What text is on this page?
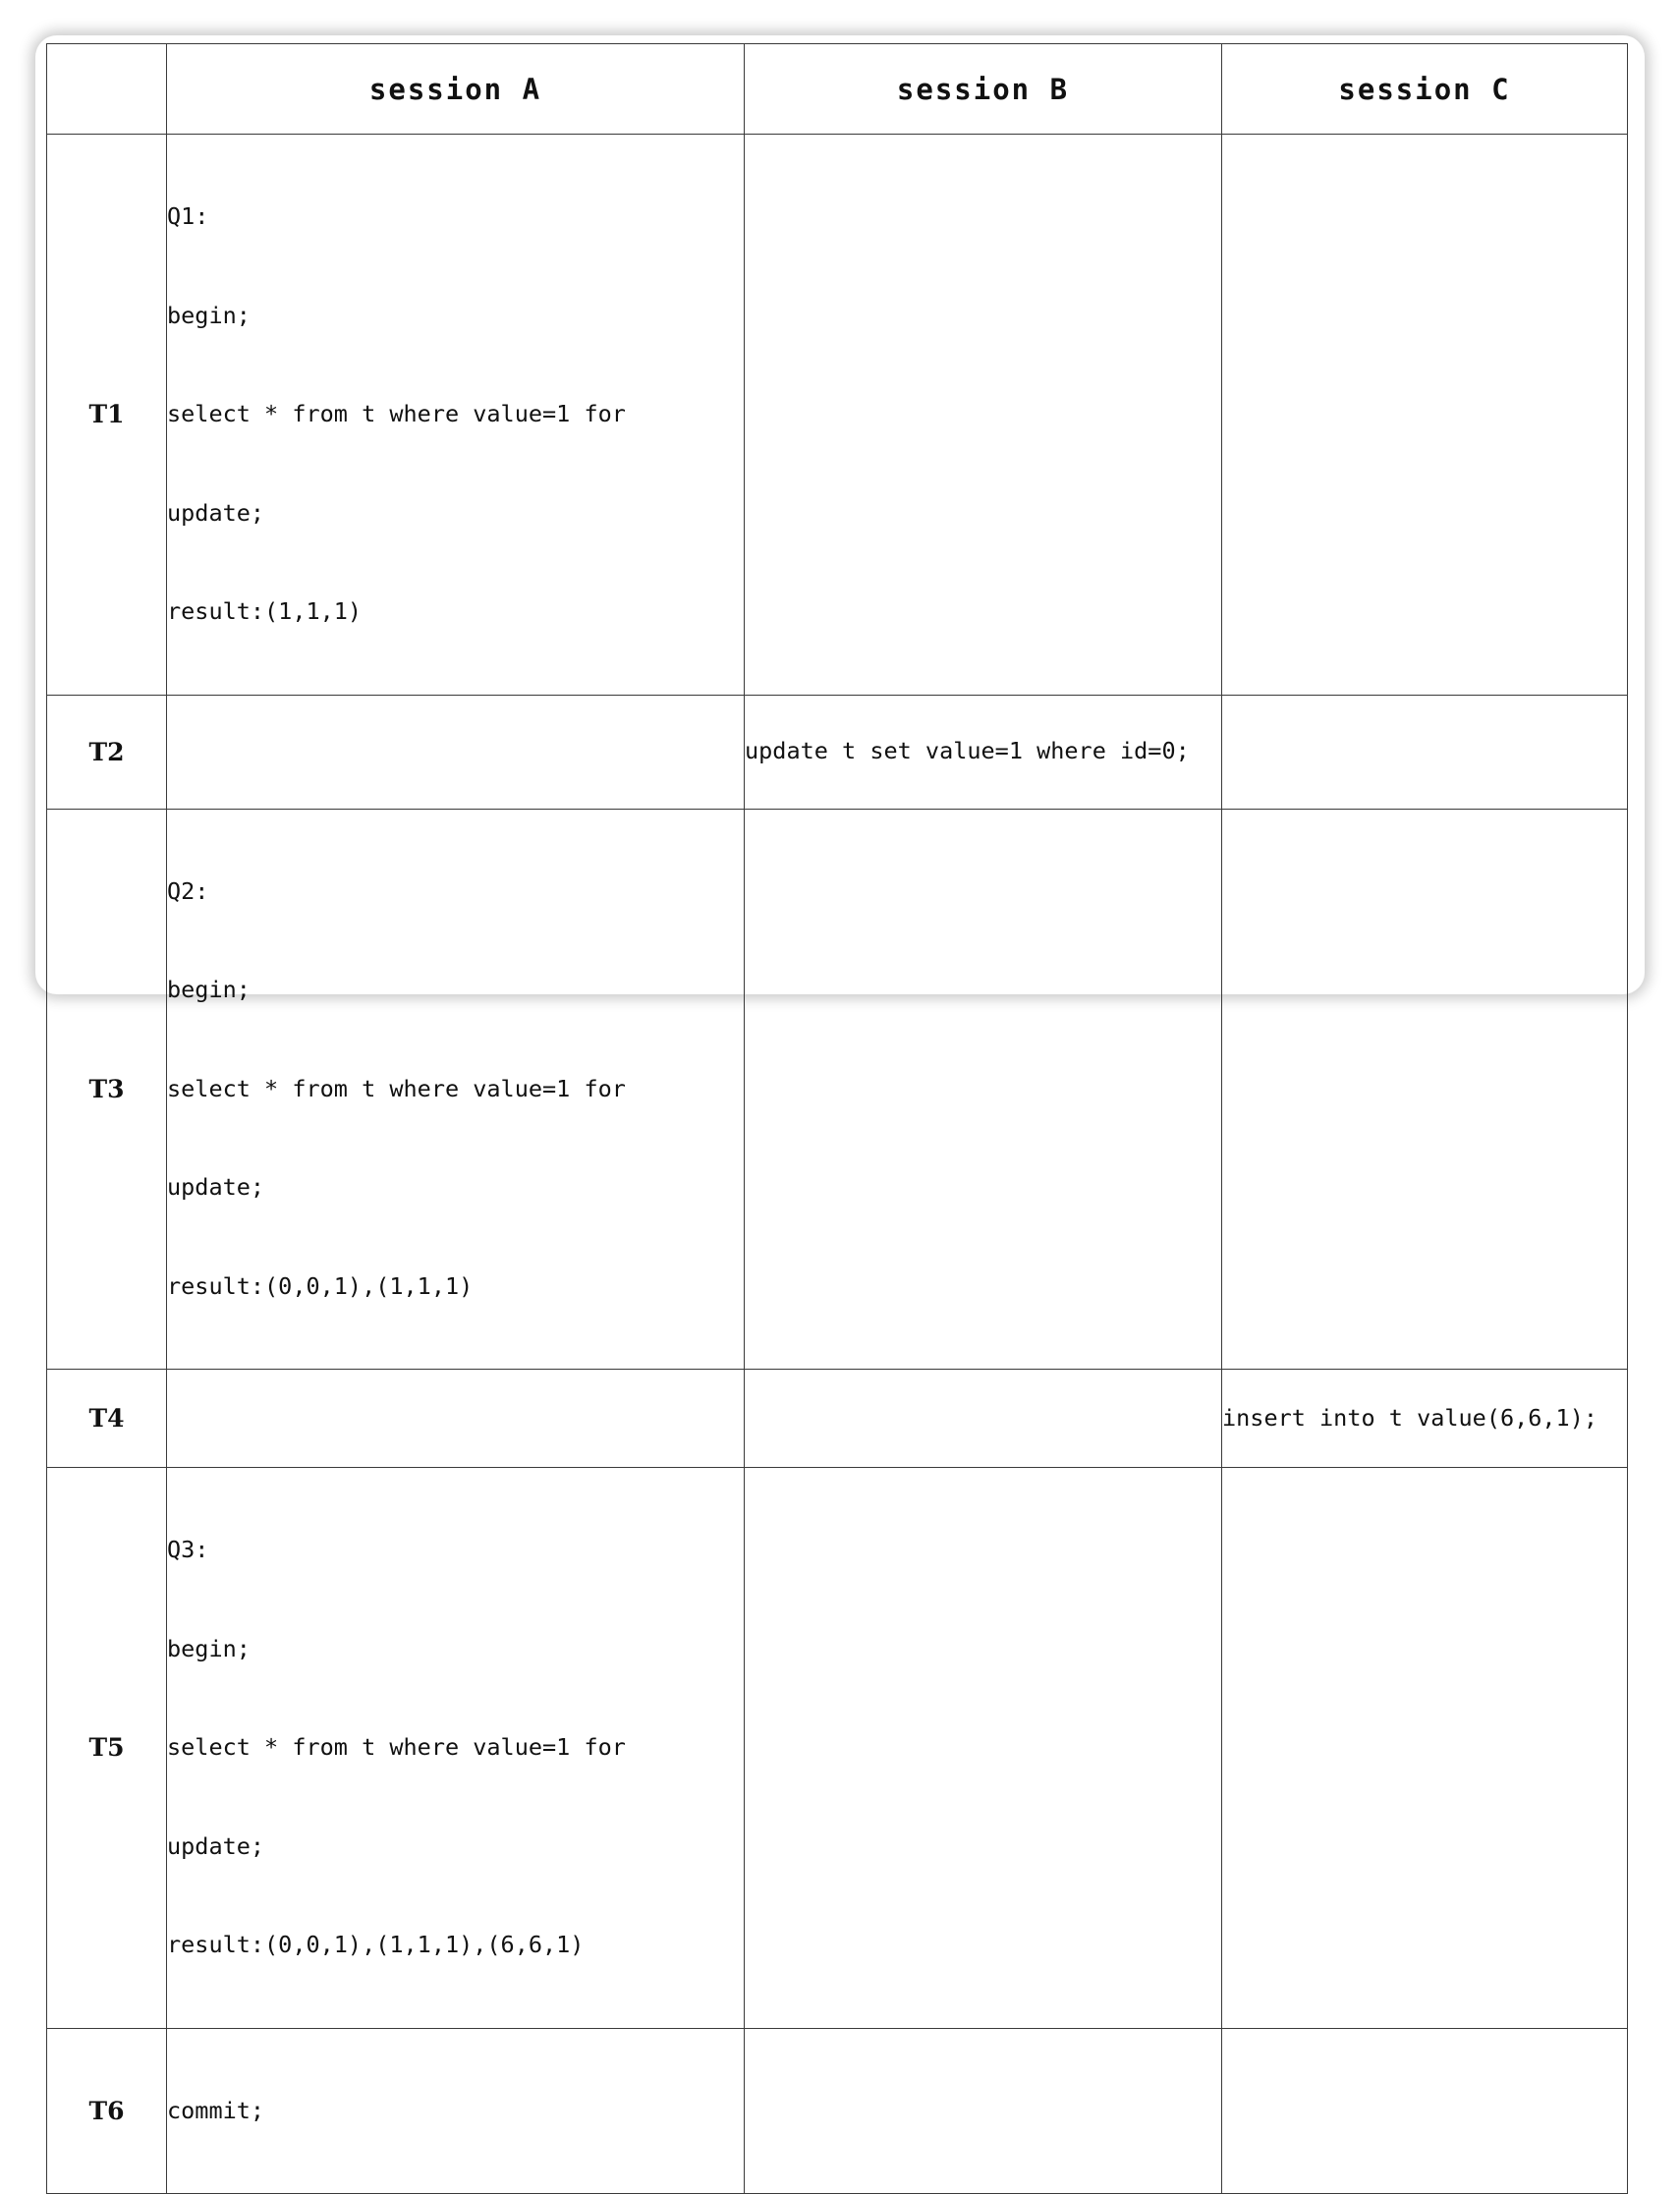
	session A	session B	session C
T1	Q1:

begin;

select * from t where value=1 for

update;

result:(1,1,1)		

T2		update t set value=1 where id=0;	
T3	Q2:

begin;

select * from t where value=1 for

update;

result:(0,0,1),(1,1,1)		

T4			insert into t value(6,6,1);
T5	Q3:

begin;

select * from t where value=1 for

update;

result:(0,0,1),(1,1,1),(6,6,1)		

T6	commit;		
